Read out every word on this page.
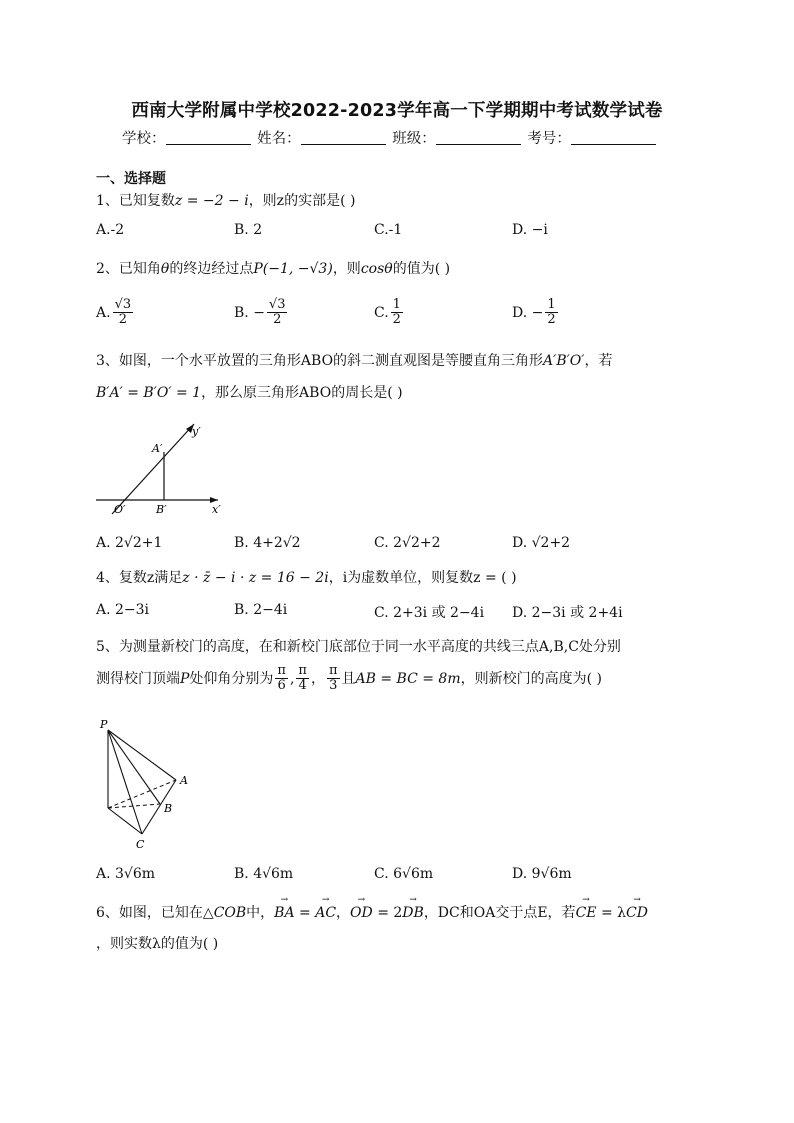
西南大学附属中学校2022-2023学年高一下学期期中考试数学试卷
学校：	姓名：	班级：	考号：
一、选择题
1、已知复数z = −2 − i，则z的实部是( )
A.-2	B. 2	C.-1	D. −i
2、已知角θ的终边经过点P(−1, −√3)，则cosθ的值为( )
A. $\frac{√3}{2}$	B. − $\frac{√3}{2}$	C. $\frac{1}{2}$	D. − $\frac{1}{2}$
3、如图，一个水平放置的三角形ABO的斜二测直观图是等腰直角三角形A′B′O′，若
B′A′ = B′O′ = 1，那么原三角形ABO的周长是( )
y′
x′
A′
B′
O′
A. 2√2+1	B. 4+2√2	C. 2√2+2	D. √2+2
4、复数z满足z · z̄ − i · z = 16 − 2i，i为虚数单位，则复数z = ( )
A. 2−3i	B. 2−4i	C. 2+3i 或 2−4i D. 2−3i 或 2+4i
5、为测量新校门的高度，在和新校门底部位于同一水平高度的共线三点A,B,C处分别
测得校门顶端P处仰角分别为 $\frac{\pi}{6}$ , $\frac{\pi}{4}$ ， $\frac{\pi}{3}$ 且AB = BC = 8m，则新校门的高度为( )
P
A
B
C
A. 3√6m	B. 4√6m	C. 6√6m	D. 9√6m
6、如图，已知在△COB中，→ BA = → AC，→ OD = 2→ DB，DC和OA交于点E，若→ CE = λ→ CD
，则实数λ的值为( )
